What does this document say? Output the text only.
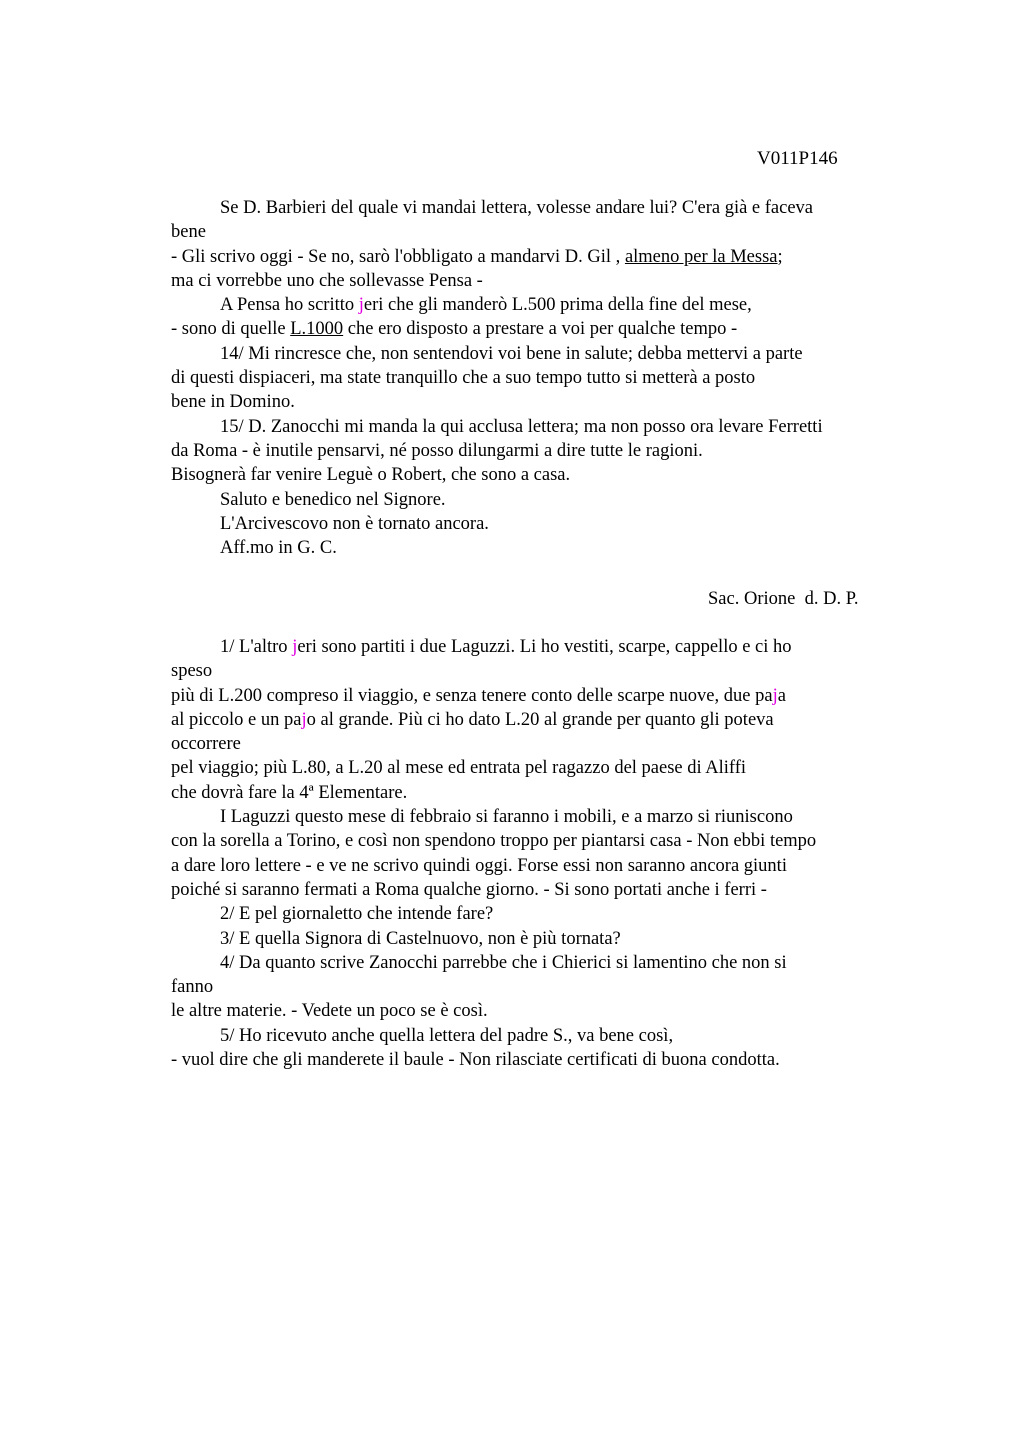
V011P146
Se D. Barbieri del quale vi mandai lettera, volesse andare lui? C'era già e faceva
bene
- Gli scrivo oggi - Se no, sarò l'obbligato a mandarvi D. Gil , almeno per la Messa;
ma ci vorrebbe uno che sollevasse Pensa -
A Pensa ho scritto jeri che gli manderò L.500 prima della fine del mese,
- sono di quelle L.1000 che ero disposto a prestare a voi per qualche tempo -
14/ Mi rincresce che, non sentendovi voi bene in salute; debba mettervi a parte
di questi dispiaceri, ma state tranquillo che a suo tempo tutto si metterà a posto
bene in Domino.
15/ D. Zanocchi mi manda la qui acclusa lettera; ma non posso ora levare Ferretti
da Roma - è inutile pensarvi, né posso dilungarmi a dire tutte le ragioni.
Bisognerà far venire Leguè o Robert, che sono a casa.
Saluto e benedico nel Signore.
L'Arcivescovo non è tornato ancora.
Aff.mo in G. C.
Sac. Orione  d. D. P.
1/ L'altro jeri sono partiti i due Laguzzi. Li ho vestiti, scarpe, cappello e ci ho
speso
più di L.200 compreso il viaggio, e senza tenere conto delle scarpe nuove, due paja
al piccolo e un pajo al grande. Più ci ho dato L.20 al grande per quanto gli poteva
occorrere
pel viaggio; più L.80, a L.20 al mese ed entrata pel ragazzo del paese di Aliffi
che dovrà fare la 4ª Elementare.
I Laguzzi questo mese di febbraio si faranno i mobili, e a marzo si riuniscono
con la sorella a Torino, e così non spendono troppo per piantarsi casa - Non ebbi tempo
a dare loro lettere - e ve ne scrivo quindi oggi. Forse essi non saranno ancora giunti
poiché si saranno fermati a Roma qualche giorno. - Si sono portati anche i ferri -
2/ E pel giornaletto che intende fare?
3/ E quella Signora di Castelnuovo, non è più tornata?
4/ Da quanto scrive Zanocchi parrebbe che i Chierici si lamentino che non si
fanno
le altre materie. - Vedete un poco se è così.
5/ Ho ricevuto anche quella lettera del padre S., va bene così,
- vuol dire che gli manderete il baule - Non rilasciate certificati di buona condotta.
